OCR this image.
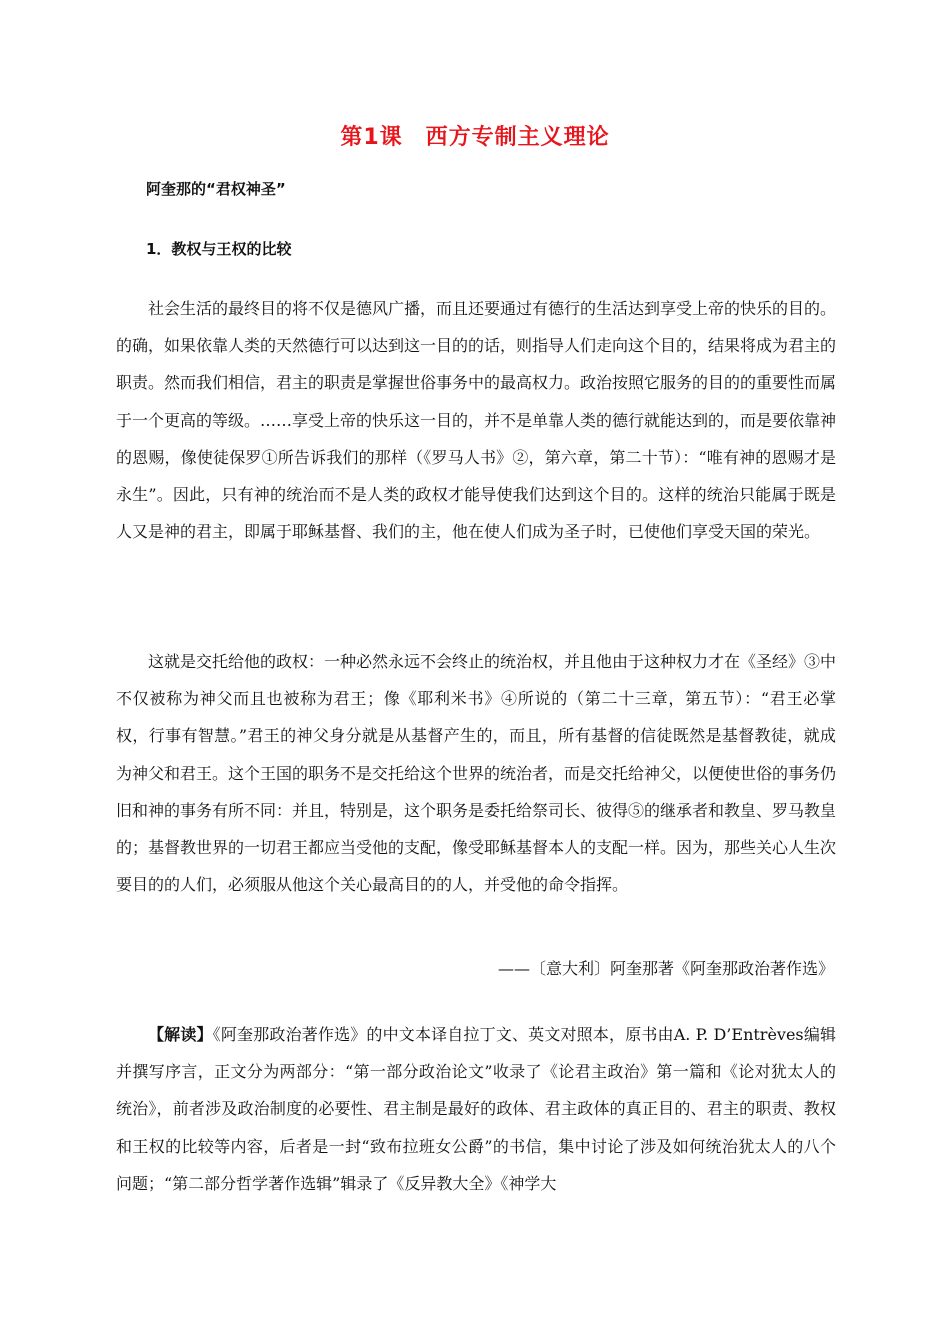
第1课　西方专制主义理论
阿奎那的“君权神圣”
1．教权与王权的比较

社会生活的最终目的将不仅是德风广播，而且还要通过有德行的生活达到享受上帝的快乐的目的。的确，如果依靠人类的天然德行可以达到这一目的的话，则指导人们走向这个目的，结果将成为君主的职责。然而我们相信，君主的职责是掌握世俗事务中的最高权力。政治按照它服务的目的的重要性而属于一个更高的等级。……享受上帝的快乐这一目的，并不是单靠人类的德行就能达到的，而是要依靠神的恩赐，像使徒保罗①所告诉我们的那样（《罗马人书》②，第六章，第二十节）：“唯有神的恩赐才是永生”。因此，只有神的统治而不是人类的政权才能导使我们达到这个目的。这样的统治只能属于既是人又是神的君主，即属于耶稣基督、我们的主，他在使人们成为圣子时，已使他们享受天国的荣光。

这就是交托给他的政权：一种必然永远不会终止的统治权，并且他由于这种权力才在《圣经》③中不仅被称为神父而且也被称为君王；像《耶利米书》④所说的（第二十三章，第五节）：“君王必掌权，行事有智慧。”君王的神父身分就是从基督产生的，而且，所有基督的信徒既然是基督教徒，就成为神父和君王。这个王国的职务不是交托给这个世界的统治者，而是交托给神父，以便使世俗的事务仍旧和神的事务有所不同：并且，特别是，这个职务是委托给祭司长、彼得⑤的继承者和教皇、罗马教皇的；基督教世界的一切君王都应当受他的支配，像受耶稣基督本人的支配一样。因为，那些关心人生次要目的的人们，必须服从他这个关心最高目的的人，并受他的命令指挥。

——〔意大利〕阿奎那著《阿奎那政治著作选》

【解读】《阿奎那政治著作选》的中文本译自拉丁文、英文对照本，原书由A. P. D’Entrèves编辑并撰写序言，正文分为两部分：“第一部分政治论文”收录了《论君主政治》第一篇和《论对犹太人的统治》，前者涉及政治制度的必要性、君主制是最好的政体、君主政体的真正目的、君主的职责、教权和王权的比较等内容，后者是一封“致布拉班女公爵”的书信，集中讨论了涉及如何统治犹太人的八个问题；“第二部分哲学著作选辑”辑录了《反异教大全》《神学大
